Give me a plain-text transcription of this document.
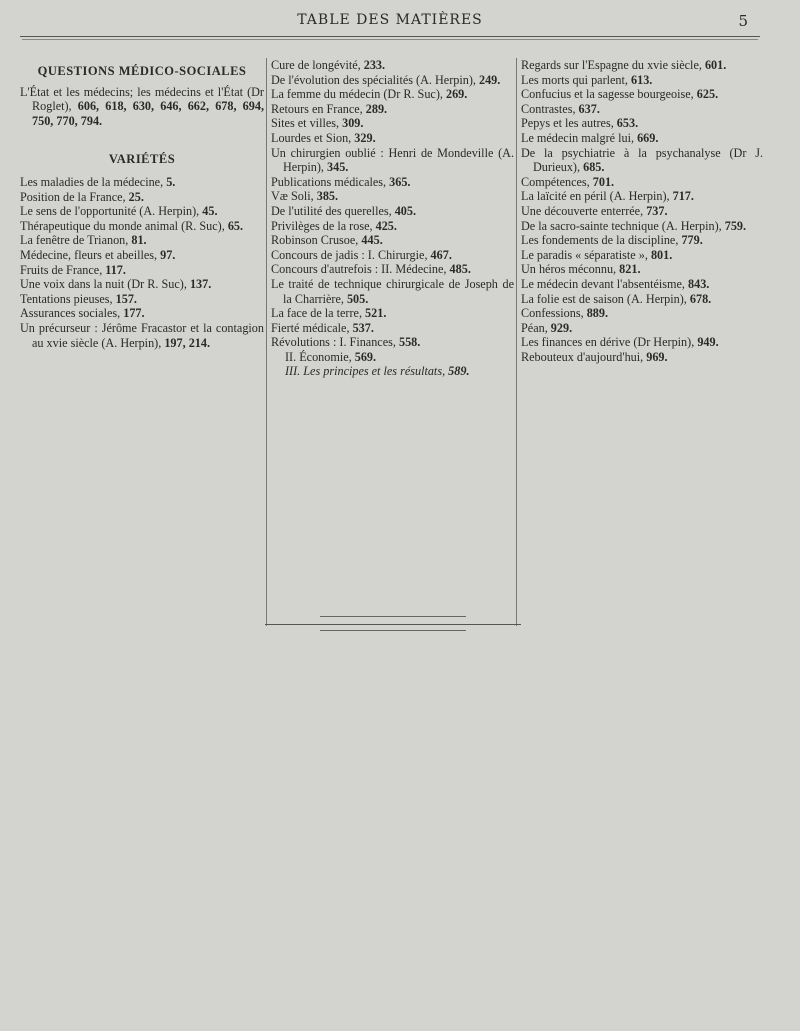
TABLE DES MATIÈRES	5
QUESTIONS MÉDICO-SOCIALES

L'État et les médecins; les médecins et l'État (Dr Roglet), 606, 618, 630, 646, 662, 678, 694, 750, 770, 794.

VARIÉTÉS

Les maladies de la médecine, 5.

Position de la France, 25.

Le sens de l'opportunité (A. Herpin), 45.

Thérapeutique du monde animal (R. Suc), 65.

La fenêtre de Trianon, 81.

Médecine, fleurs et abeilles, 97.

Fruits de France, 117.

Une voix dans la nuit (Dr R. Suc), 137.

Tentations pieuses, 157.

Assurances sociales, 177.

Un précurseur : Jérôme Fracastor et la contagion au xvie siècle (A. Herpin), 197, 214.

Cure de longévité, 233.

De l'évolution des spécialités (A. Herpin), 249.

La femme du médecin (Dr R. Suc), 269.

Retours en France, 289.

Sites et villes, 309.

Lourdes et Sion, 329.

Un chirurgien oublié : Henri de Mondeville (A. Herpin), 345.

Publications médicales, 365.

Væ Soli, 385.

De l'utilité des querelles, 405.

Privilèges de la rose, 425.

Robinson Crusoe, 445.

Concours de jadis : I. Chirurgie, 467.

Concours d'autrefois : II. Médecine, 485.

Le traité de technique chirurgicale de Joseph de la Charrière, 505.

La face de la terre, 521.

Fierté médicale, 537.

Révolutions : I. Finances, 558.

II. Économie, 569.

III. Les principes et les résultats, 589.

Regards sur l'Espagne du xvie siècle, 601.

Les morts qui parlent, 613.

Confucius et la sagesse bourgeoise, 625.

Contrastes, 637.

Pepys et les autres, 653.

Le médecin malgré lui, 669.

De la psychiatrie à la psychanalyse (Dr J. Durieux), 685.

Compétences, 701.

La laïcité en péril (A. Herpin), 717.

Une découverte enterrée, 737.

De la sacro-sainte technique (A. Herpin), 759.

Les fondements de la discipline, 779.

Le paradis « séparatiste », 801.

Un héros méconnu, 821.

Le médecin devant l'absentéisme, 843.

La folie est de saison (A. Herpin), 678.

Confessions, 889.

Péan, 929.

Les finances en dérive (Dr Herpin), 949.

Rebouteux d'aujourd'hui, 969.
